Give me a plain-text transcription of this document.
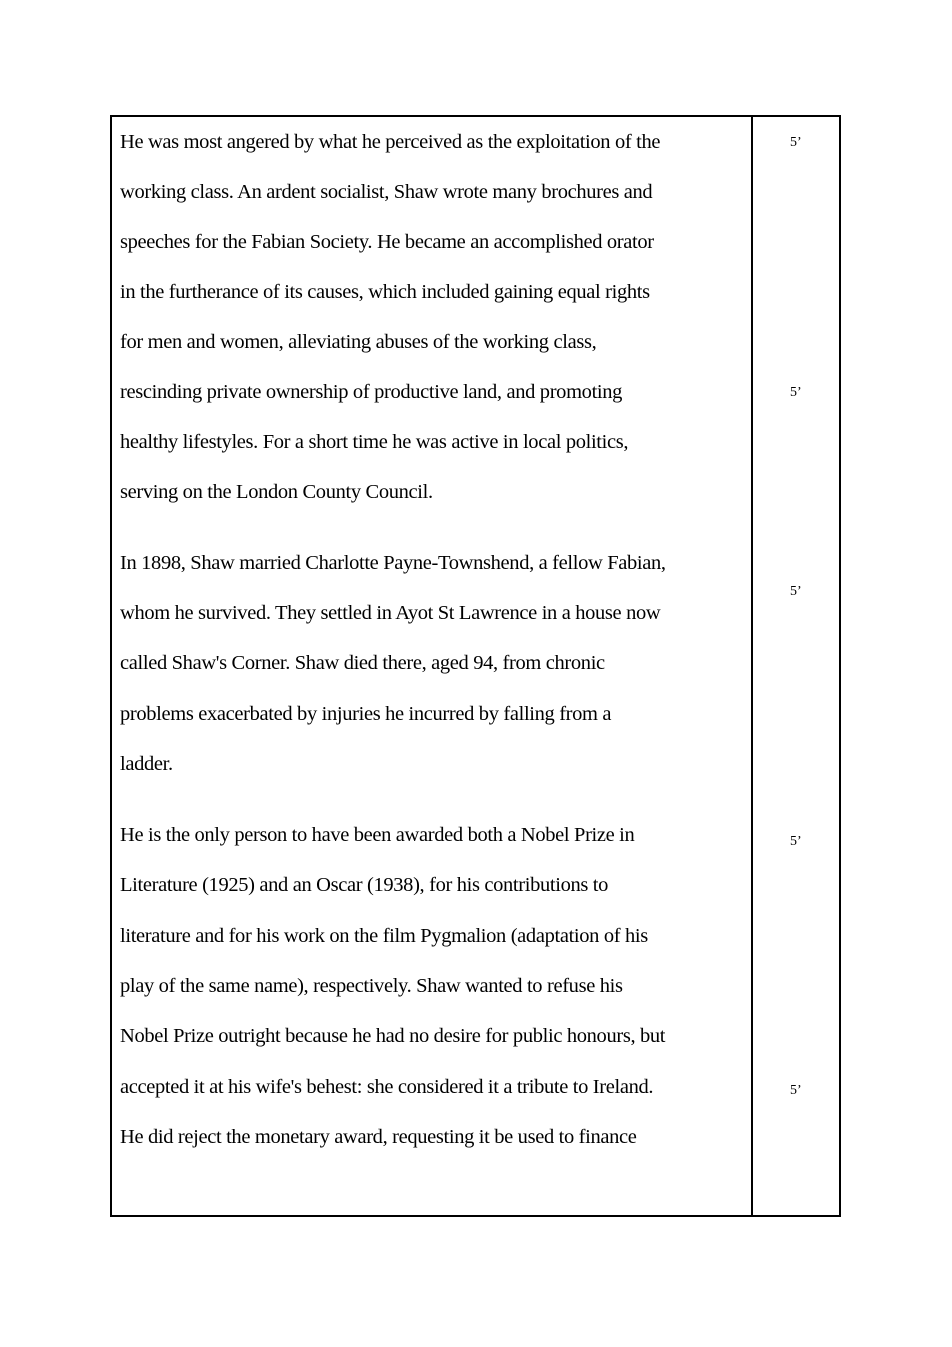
He was most angered by what he perceived as the exploitation of the
working class. An ardent socialist, Shaw wrote many brochures and
speeches for the Fabian Society. He became an accomplished orator
in the furtherance of its causes, which included gaining equal rights
for men and women, alleviating abuses of the working class,
rescinding private ownership of productive land, and promoting
healthy lifestyles. For a short time he was active in local politics,
serving on the London County Council.
In 1898, Shaw married Charlotte Payne-Townshend, a fellow Fabian,
whom he survived. They settled in Ayot St Lawrence in a house now
called Shaw's Corner. Shaw died there, aged 94, from chronic
problems exacerbated by injuries he incurred by falling from a
ladder.
He is the only person to have been awarded both a Nobel Prize in
Literature (1925) and an Oscar (1938), for his contributions to
literature and for his work on the film Pygmalion (adaptation of his
play of the same name), respectively. Shaw wanted to refuse his
Nobel Prize outright because he had no desire for public honours, but
accepted it at his wife's behest: she considered it a tribute to Ireland.
He did reject the monetary award, requesting it be used to finance
5’
5’
5’
5’
5’
